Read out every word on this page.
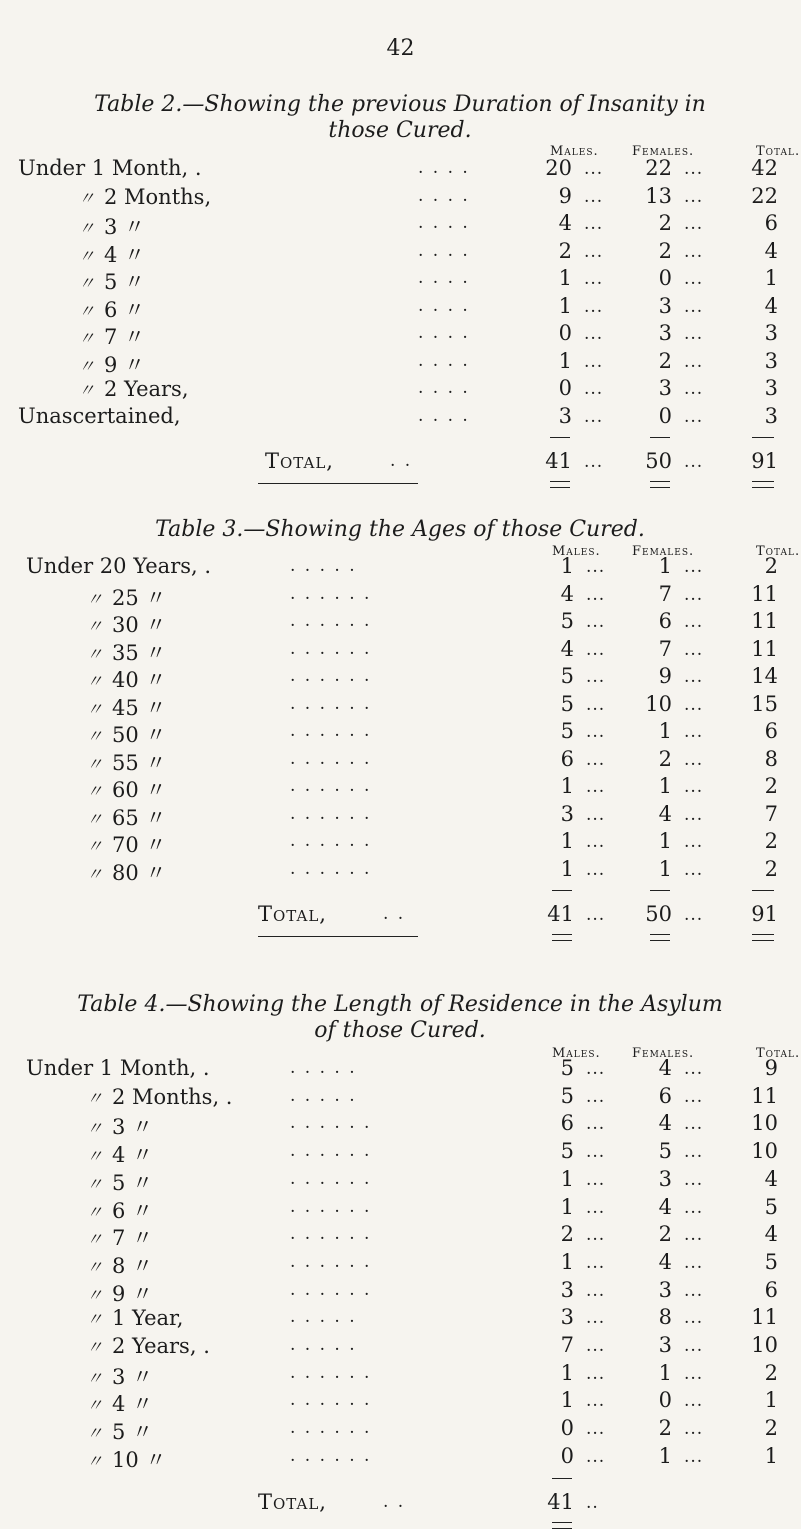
42
Table 2.—Showing the previous Duration of Insanity in
those Cured.
Males.	Females.	Total.
Under 1 Month, .	. . . .	20	22	42
...	...
〃 2 Months,	. . . .	9	13	22
...	...
〃 3 〃	. . . .	4	2	6
...	...
〃 4 〃	. . . .	2	2	4
...	...
〃 5 〃	. . . .	1	0	1
...	...
〃 6 〃	. . . .	1	3	4
...	...
〃 7 〃	. . . .	0	3	3
...	...
〃 9 〃	. . . .	1	2	3
...	...
〃 2 Years,	. . . .	0	3	3
...	...
Unascertained,	. . . .	3	0	3
...	...
Total,	. .	41	50	91
...	...
Table 3.—Showing the Ages of those Cured.
Males. Females.	Total.
Under 20 Years, .	. . . . .	1	1	2
...	...
〃 25 〃	. . . . . .	4	7	11
...	...
〃 30 〃	. . . . . .	5	6	11
...	...
〃 35 〃	. . . . . .	4	7	11
...	...
〃 40 〃	. . . . . .	5	9	14
...	...
〃 45 〃	. . . . . .	5	10	15
...	...
〃 50 〃	. . . . . .	5	1	6
...	...
〃 55 〃	. . . . . .	6	2	8
...	...
〃 60 〃	. . . . . .	1	1	2
...	...
〃 65 〃	. . . . . .	3	4	7
...	...
〃 70 〃	. . . . . .	1	1	2
...	...
〃 80 〃	. . . . . .	1	1	2
...	...
Total,	. .	41	50	91
...	...
Table 4.—Showing the Length of Residence in the Asylum
of those Cured.
Males. Females.	Total.
Under 1 Month, .	. . . . .	5	4	9
...	...
〃 2 Months, .	. . . . .	5	6	11
...	...
〃 3 〃	. . . . . .	6	4	10
...	...
〃 4 〃	. . . . . .	5	5	10
...	...
〃 5 〃	. . . . . .	1	3	4
...	...
〃 6 〃	. . . . . .	1	4	5
...	...
〃 7 〃	. . . . . .	2	2	4
...	...
〃 8 〃	. . . . . .	1	4	5
...	...
〃 9 〃	. . . . . .	3	3	6
...	...
〃 1 Year,	. . . . .	3	8	11
...	...
〃 2 Years, .	. . . . .	7	3	10
...	...
〃 3 〃	. . . . . .	1	1	2
...	...
〃 4 〃	. . . . . .	1	0	1
...	...
〃 5 〃	. . . . . .	0	2	2
...	...
〃 10 〃	. . . . . .	0	1	1
...	...
Total,	. .	41 ..
